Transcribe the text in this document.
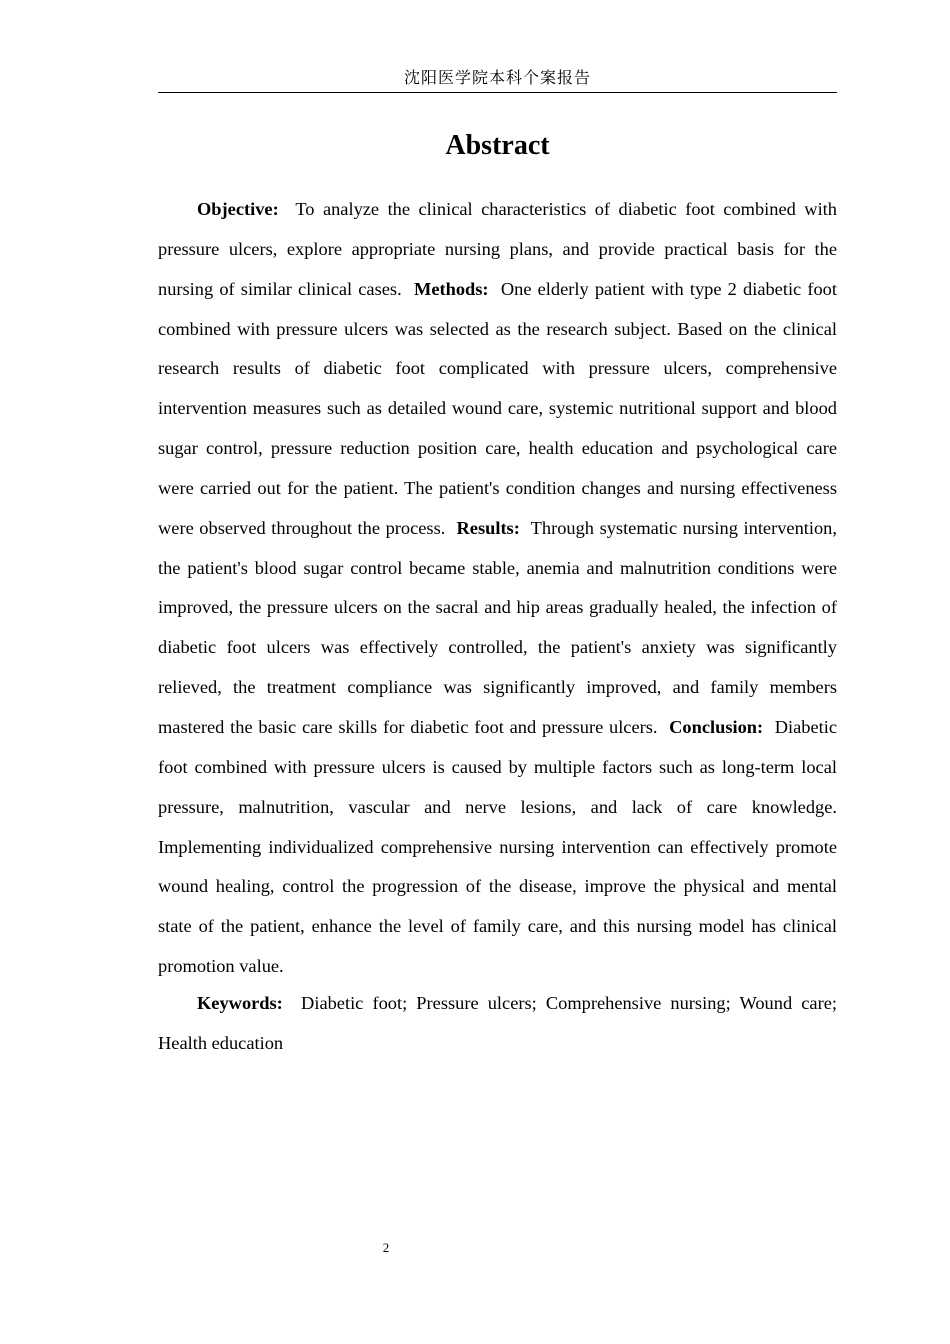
沈阳医学院本科个案报告
Abstract

Objective: To analyze the clinical characteristics of diabetic foot combined with pressure ulcers, explore appropriate nursing plans, and provide practical basis for the nursing of similar clinical cases. Methods: One elderly patient with type 2 diabetic foot combined with pressure ulcers was selected as the research subject. Based on the clinical research results of diabetic foot complicated with pressure ulcers, comprehensive intervention measures such as detailed wound care, systemic nutritional support and blood sugar control, pressure reduction position care, health education and psychological care were carried out for the patient. The patient's condition changes and nursing effectiveness were observed throughout the process. Results: Through systematic nursing intervention, the patient's blood sugar control became stable, anemia and malnutrition conditions were improved, the pressure ulcers on the sacral and hip areas gradually healed, the infection of diabetic foot ulcers was effectively controlled, the patient's anxiety was significantly relieved, the treatment compliance was significantly improved, and family members mastered the basic care skills for diabetic foot and pressure ulcers. Conclusion: Diabetic foot combined with pressure ulcers is caused by multiple factors such as long-term local pressure, malnutrition, vascular and nerve lesions, and lack of care knowledge. Implementing individualized comprehensive nursing intervention can effectively promote wound healing, control the progression of the disease, improve the physical and mental state of the patient, enhance the level of family care, and this nursing model has clinical promotion value.

Keywords: Diabetic foot; Pressure ulcers; Comprehensive nursing; Wound care; Health education

2
